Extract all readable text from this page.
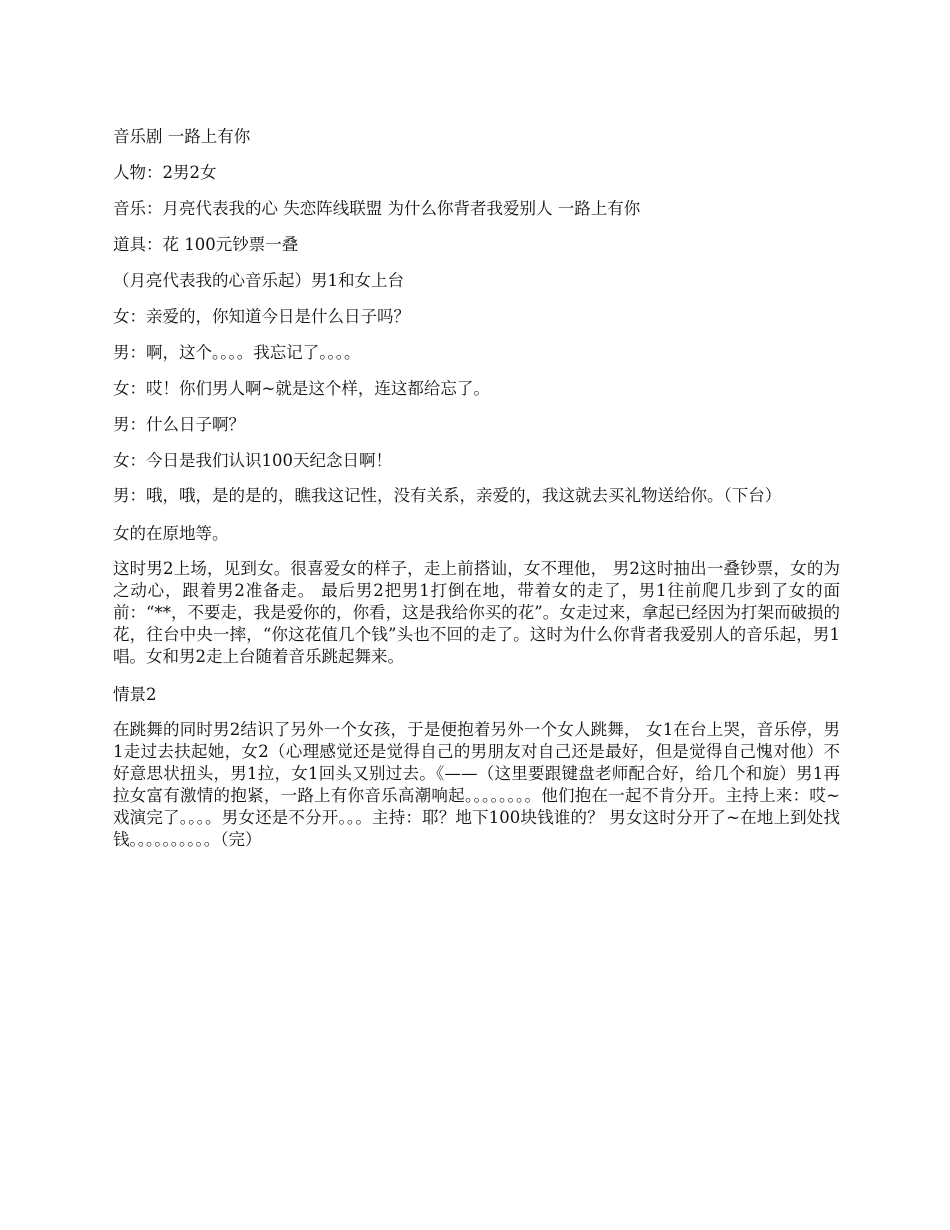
音乐剧 一路上有你

人物：2男2女

音乐：月亮代表我的心 失恋阵线联盟 为什么你背者我爱别人 一路上有你

道具：花 100元钞票一叠

（月亮代表我的心音乐起）男1和女上台

女：亲爱的，你知道今日是什么日子吗？

男：啊，这个。。。。我忘记了。。。。

女：哎！你们男人啊~就是这个样，连这都给忘了。

男：什么日子啊？

女：今日是我们认识100天纪念日啊！

男：哦，哦，是的是的，瞧我这记性，没有关系，亲爱的，我这就去买礼物送给你。（下台）

女的在原地等。

这时男2上场，见到女。很喜爱女的样子，走上前搭讪，女不理他， 男2这时抽出一叠钞票，女的为之动心，跟着男2准备走。 最后男2把男1打倒在地，带着女的走了，男1往前爬几步到了女的面前：“**，不要走，我是爱你的，你看，这是我给你买的花”。女走过来，拿起已经因为打架而破损的花，往台中央一摔，“你这花值几个钱”头也不回的走了。这时为什么你背者我爱别人的音乐起，男1唱。女和男2走上台随着音乐跳起舞来。

情景2

在跳舞的同时男2结识了另外一个女孩，于是便抱着另外一个女人跳舞， 女1在台上哭，音乐停，男1走过去扶起她，女2（心理感觉还是觉得自己的男朋友对自己还是最好，但是觉得自己愧对他）不好意思状扭头，男1拉，女1回头又别过去。《——（这里要跟键盘老师配合好，给几个和旋）男1再拉女富有激情的抱紧，一路上有你音乐高潮响起。。。。。。。。他们抱在一起不肯分开。主持上来：哎~戏演完了。。。。男女还是不分开。。。主持：耶？地下100块钱谁的？ 男女这时分开了~在地上到处找钱。。。。。。。。。。（完）
